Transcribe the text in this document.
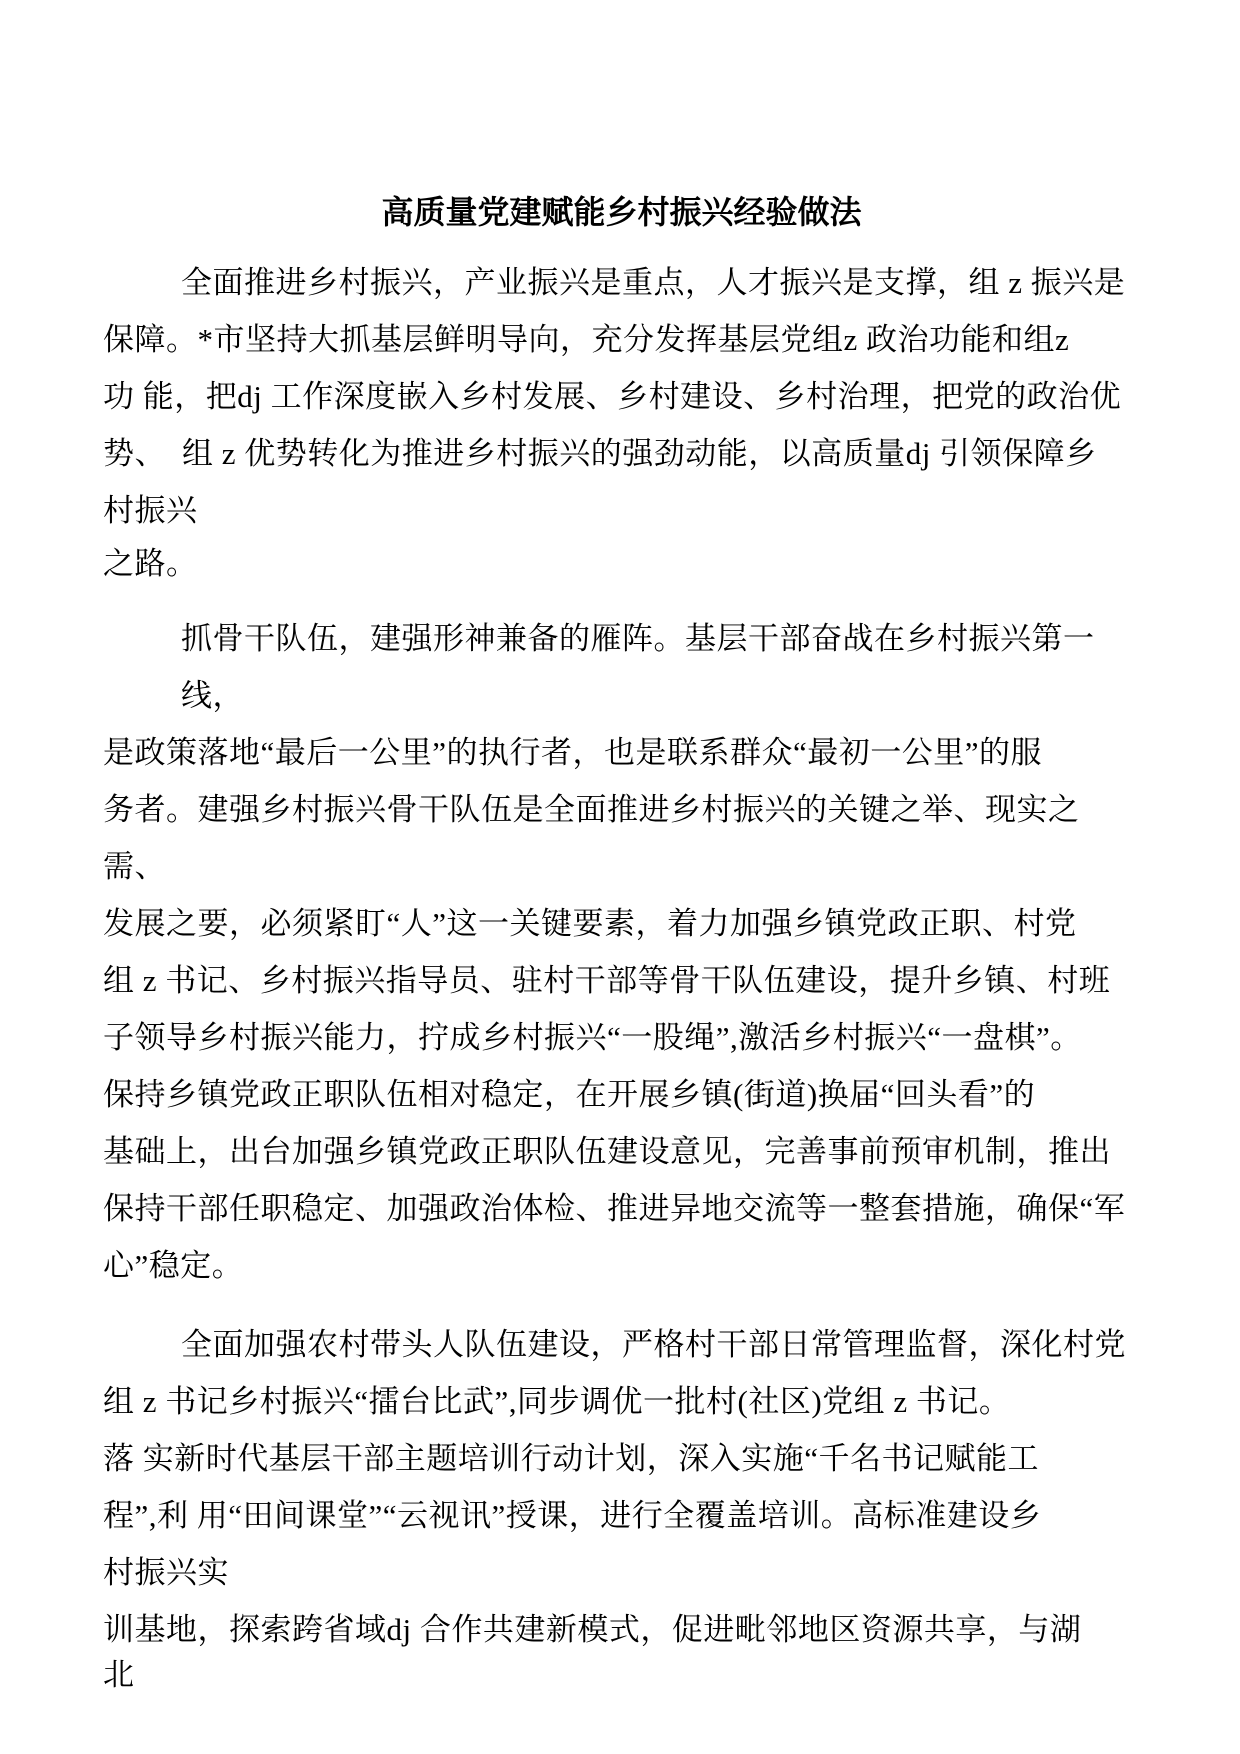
高质量党建赋能乡村振兴经验做法
全面推进乡村振兴，产业振兴是重点，人才振兴是支撑，组 z 振兴是
保障。*市坚持大抓基层鲜明导向，充分发挥基层党组z 政治功能和组z
功 能，把dj 工作深度嵌入乡村发展、乡村建设、乡村治理，把党的政治优
势、　组 z 优势转化为推进乡村振兴的强劲动能，以高质量dj 引领保障乡
村振兴
之路。
抓骨干队伍，建强形神兼备的雁阵。基层干部奋战在乡村振兴第一线，
是政策落地“最后一公里”的执行者，也是联系群众“最初一公里”的服
务者。建强乡村振兴骨干队伍是全面推进乡村振兴的关键之举、现实之需、
发展之要，必须紧盯“人”这一关键要素，着力加强乡镇党政正职、村党
组 z 书记、乡村振兴指导员、驻村干部等骨干队伍建设，提升乡镇、村班
子领导乡村振兴能力，拧成乡村振兴“一股绳”,激活乡村振兴“一盘棋”。
保持乡镇党政正职队伍相对稳定，在开展乡镇(街道)换届“回头看”的
基础上，出台加强乡镇党政正职队伍建设意见，完善事前预审机制，推出
保持干部任职稳定、加强政治体检、推进异地交流等一整套措施，确保“军
心”稳定。
全面加强农村带头人队伍建设，严格村干部日常管理监督，深化村党
组 z 书记乡村振兴“擂台比武”,同步调优一批村(社区)党组 z 书记。
落 实新时代基层干部主题培训行动计划，深入实施“千名书记赋能工
程”,利 用“田间课堂”“云视讯”授课，进行全覆盖培训。高标准建设乡
村振兴实
训基地，探索跨省域dj 合作共建新模式，促进毗邻地区资源共享，与湖
北
